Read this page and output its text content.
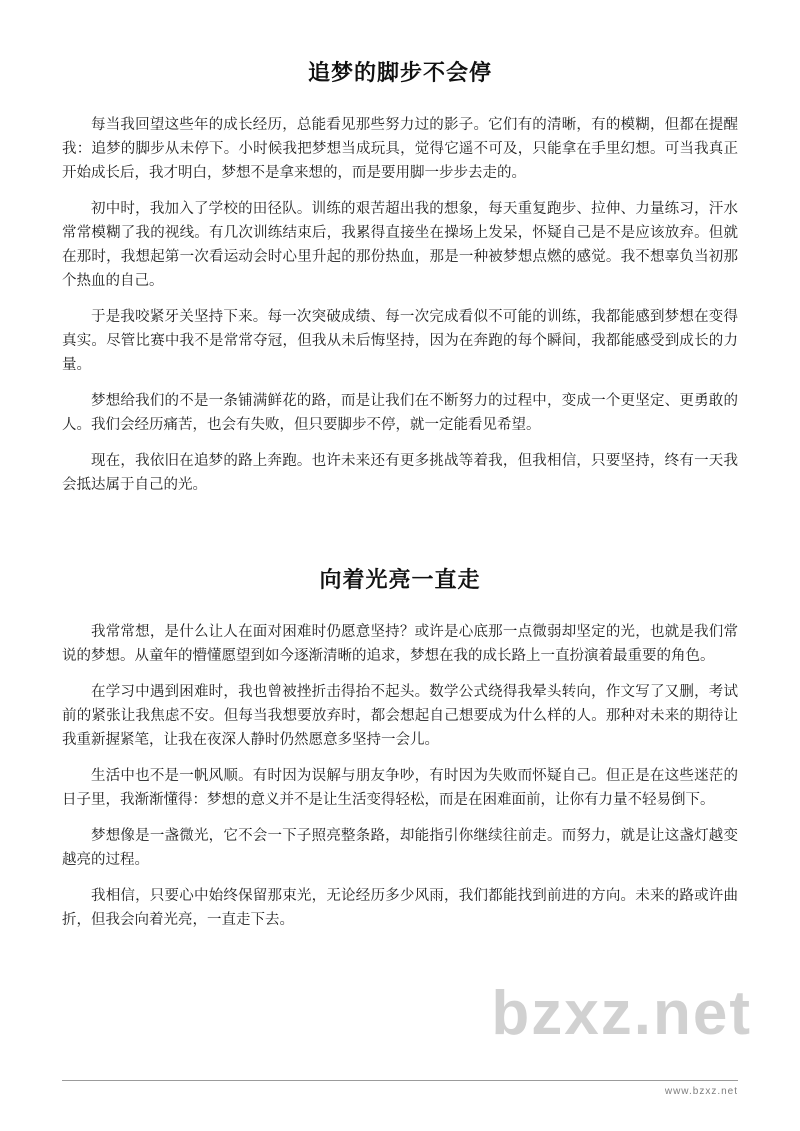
追梦的脚步不会停

每当我回望这些年的成长经历，总能看见那些努力过的影子。它们有的清晰，有的模糊，但都在提醒我：追梦的脚步从未停下。小时候我把梦想当成玩具，觉得它遥不可及，只能拿在手里幻想。可当我真正开始成长后，我才明白，梦想不是拿来想的，而是要用脚一步步去走的。

初中时，我加入了学校的田径队。训练的艰苦超出我的想象，每天重复跑步、拉伸、力量练习，汗水常常模糊了我的视线。有几次训练结束后，我累得直接坐在操场上发呆，怀疑自己是不是应该放弃。但就在那时，我想起第一次看运动会时心里升起的那份热血，那是一种被梦想点燃的感觉。我不想辜负当初那个热血的自己。

于是我咬紧牙关坚持下来。每一次突破成绩、每一次完成看似不可能的训练，我都能感到梦想在变得真实。尽管比赛中我不是常常夺冠，但我从未后悔坚持，因为在奔跑的每个瞬间，我都能感受到成长的力量。

梦想给我们的不是一条铺满鲜花的路，而是让我们在不断努力的过程中，变成一个更坚定、更勇敢的人。我们会经历痛苦，也会有失败，但只要脚步不停，就一定能看见希望。

现在，我依旧在追梦的路上奔跑。也许未来还有更多挑战等着我，但我相信，只要坚持，终有一天我会抵达属于自己的光。

向着光亮一直走

我常常想，是什么让人在面对困难时仍愿意坚持？或许是心底那一点微弱却坚定的光，也就是我们常说的梦想。从童年的懵懂愿望到如今逐渐清晰的追求，梦想在我的成长路上一直扮演着最重要的角色。

在学习中遇到困难时，我也曾被挫折击得抬不起头。数学公式绕得我晕头转向，作文写了又删，考试前的紧张让我焦虑不安。但每当我想要放弃时，都会想起自己想要成为什么样的人。那种对未来的期待让我重新握紧笔，让我在夜深人静时仍然愿意多坚持一会儿。

生活中也不是一帆风顺。有时因为误解与朋友争吵，有时因为失败而怀疑自己。但正是在这些迷茫的日子里，我渐渐懂得：梦想的意义并不是让生活变得轻松，而是在困难面前，让你有力量不轻易倒下。

梦想像是一盏微光，它不会一下子照亮整条路，却能指引你继续往前走。而努力，就是让这盏灯越变越亮的过程。

我相信，只要心中始终保留那束光，无论经历多少风雨，我们都能找到前进的方向。未来的路或许曲折，但我会向着光亮，一直走下去。

bzxz.net
www.bzxz.net
